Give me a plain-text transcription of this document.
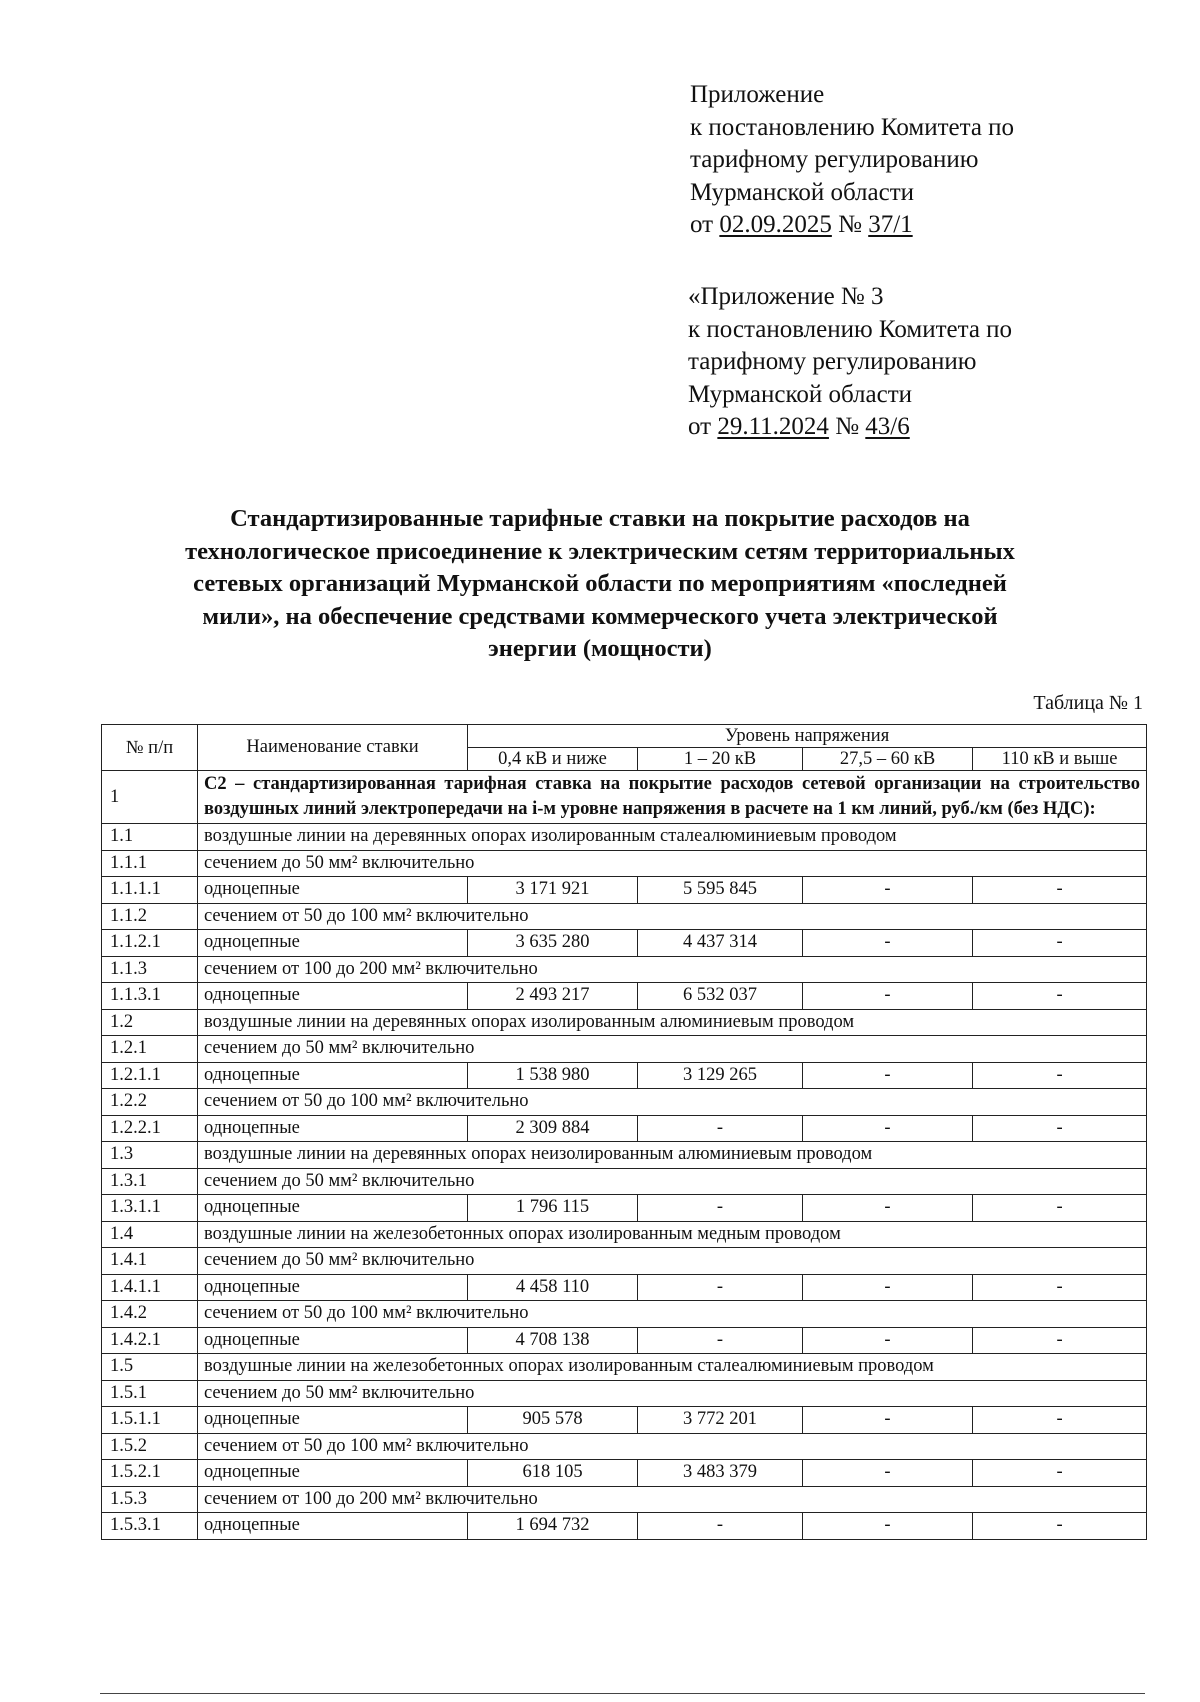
Приложение
к постановлению Комитета по
тарифному регулированию
Мурманской области
от 02.09.2025 № 37/1
«Приложение № 3
к постановлению Комитета по
тарифному регулированию
Мурманской области
от 29.11.2024 № 43/6
Стандартизированные тарифные ставки на покрытие расходов на
технологическое присоединение к электрическим сетям территориальных
сетевых организаций Мурманской области по мероприятиям «последней
мили», на обеспечение средствами коммерческого учета электрической
энергии (мощности)
Таблица № 1
№ п/п	Наименование ставки	Уровень напряжения			
		0,4 кВ и ниже	1 – 20 кВ	27,5 – 60 кВ	110 кВ и выше
1	С2 – стандартизированная тарифная ставка на покрытие расходов сетевой организации на строительство воздушных линий электропередачи на i-м уровне напряжения в расчете на 1 км линий, руб./км (без НДС):				
1.1	воздушные линии на деревянных опорах изолированным сталеалюминиевым проводом				
1.1.1	сечением до 50 мм² включительно				
1.1.1.1	одноцепные	3 171 921	5 595 845	-	-
1.1.2	сечением от 50 до 100 мм² включительно				
1.1.2.1	одноцепные	3 635 280	4 437 314	-	-
1.1.3	сечением от 100 до 200 мм² включительно				
1.1.3.1	одноцепные	2 493 217	6 532 037	-	-
1.2	воздушные линии на деревянных опорах изолированным алюминиевым проводом				
1.2.1	сечением до 50 мм² включительно				
1.2.1.1	одноцепные	1 538 980	3 129 265	-	-
1.2.2	сечением от 50 до 100 мм² включительно				
1.2.2.1	одноцепные	2 309 884	-	-	-
1.3	воздушные линии на деревянных опорах неизолированным алюминиевым проводом				
1.3.1	сечением до 50 мм² включительно				
1.3.1.1	одноцепные	1 796 115	-	-	-
1.4	воздушные линии на железобетонных опорах изолированным медным проводом				
1.4.1	сечением до 50 мм² включительно				
1.4.1.1	одноцепные	4 458 110	-	-	-
1.4.2	сечением от 50 до 100 мм² включительно				
1.4.2.1	одноцепные	4 708 138	-	-	-
1.5	воздушные линии на железобетонных опорах изолированным сталеалюминиевым проводом				
1.5.1	сечением до 50 мм² включительно				
1.5.1.1	одноцепные	905 578	3 772 201	-	-
1.5.2	сечением от 50 до 100 мм² включительно				
1.5.2.1	одноцепные	618 105	3 483 379	-	-
1.5.3	сечением от 100 до 200 мм² включительно				
1.5.3.1	одноцепные	1 694 732	-	-	-
